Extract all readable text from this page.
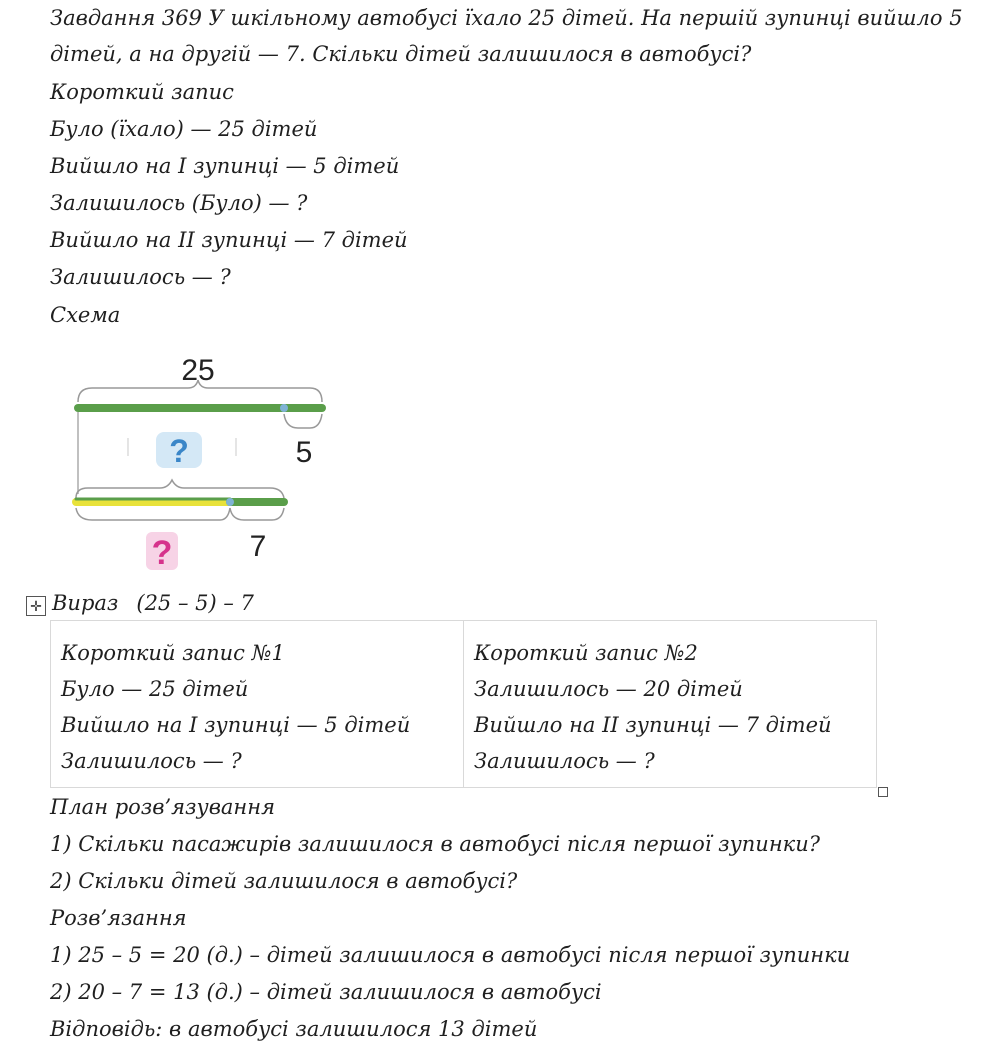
Завдання 369 У шкільному автобусі їхало 25 дітей. На першій зупинці вийшло 5 дітей, а на другій — 7. Скільки дітей залишилося в автобусі?
Короткий запис
Було (їхало) — 25 дітей
Вийшло на І зупинці — 5 дітей
Залишилось (Було) — ?
Вийшло на ІІ зупинці — 7 дітей
Залишилось — ?
Схема
25
5
?
?	7
✛ Вираз (25 – 5) – 7
Короткий запис №1
Було — 25 дітей
Вийшло на І зупинці — 5 дітей
Залишилось — ?

Короткий запис №2
Залишилось — 20 дітей
Вийшло на ІІ зупинці — 7 дітей
Залишилось — ?
План розв’язування
1) Скільки пасажирів залишилося в автобусі після першої зупинки?
2) Скільки дітей залишилося в автобусі?
Розв’язання
1) 25 – 5 = 20 (д.) – дітей залишилося в автобусі після першої зупинки
2) 20 – 7 = 13 (д.) – дітей залишилося в автобусі
Відповідь: в автобусі залишилося 13 дітей
